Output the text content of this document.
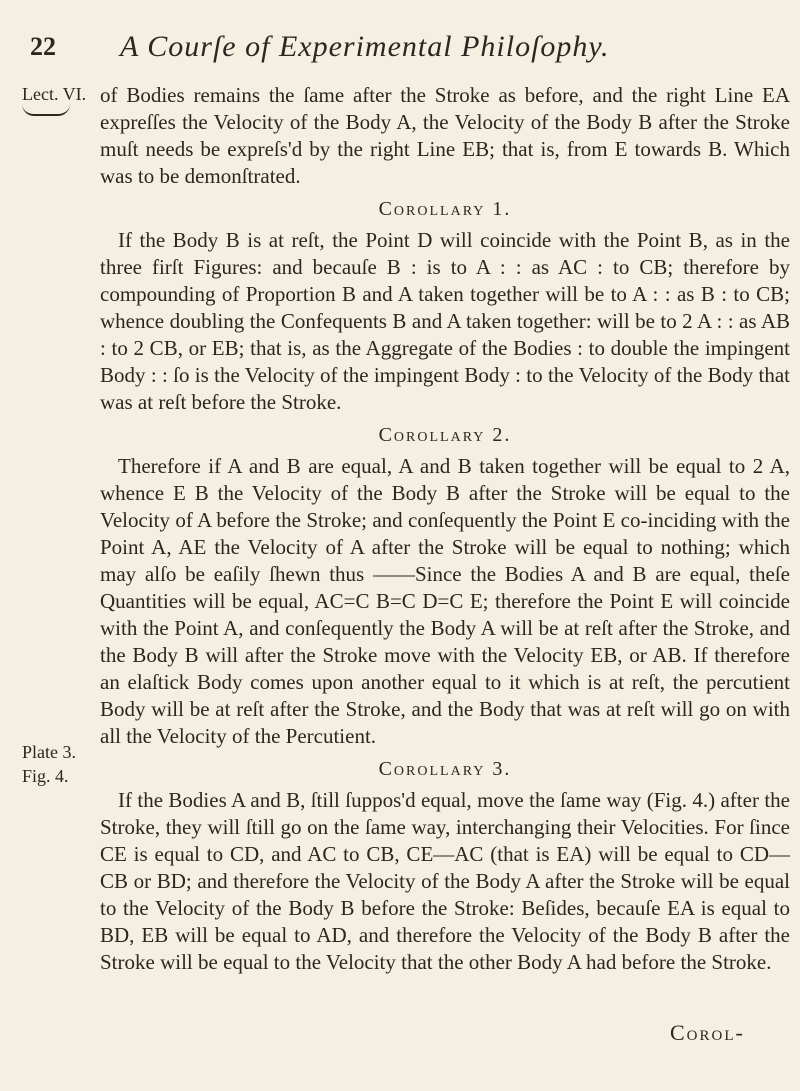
22 A Courſe of Experimental Philoſophy.
Lect. VI.
Plate 3.
Fig. 4.

of Bodies remains the ſame after the Stroke as before, and the right Line EA expreſſes the Velocity of the Body A, the Velocity of the Body B after the Stroke muſt needs be expreſs'd by the right Line EB; that is, from E towards B. Which was to be demonſtrated.

Corollary 1.

If the Body B is at reſt, the Point D will coincide with the Point B, as in the three firſt Figures: and becauſe B : is to A : : as AC : to CB; therefore by compounding of Proportion B and A taken together will be to A : : as B : to CB; whence doubling the Confequents B and A taken together: will be to 2 A : : as AB : to 2 CB, or EB; that is, as the Aggregate of the Bodies : to double the impingent Body : : ſo is the Velocity of the impingent Body : to the Velocity of the Body that was at reſt before the Stroke.

Corollary 2.

Therefore if A and B are equal, A and B taken together will be equal to 2 A, whence E B the Velocity of the Body B after the Stroke will be equal to the Velocity of A before the Stroke; and conſequently the Point E co-inciding with the Point A, AE the Velocity of A after the Stroke will be equal to nothing; which may alſo be eaſily ſhewn thus ——Since the Bodies A and B are equal, theſe Quantities will be equal, AC=C B=C D=C E; therefore the Point E will coincide with the Point A, and conſequently the Body A will be at reſt after the Stroke, and the Body B will after the Stroke move with the Velocity EB, or AB. If therefore an elaſtick Body comes upon another equal to it which is at reſt, the percutient Body will be at reſt after the Stroke, and the Body that was at reſt will go on with all the Velocity of the Percutient.

Corollary 3.

If the Bodies A and B, ſtill ſuppos'd equal, move the ſame way (Fig. 4.) after the Stroke, they will ſtill go on the ſame way, interchanging their Velocities. For ſince CE is equal to CD, and AC to CB, CE—AC (that is EA) will be equal to CD—CB or BD; and therefore the Velocity of the Body A after the Stroke will be equal to the Velocity of the Body B before the Stroke: Beſides, becauſe EA is equal to BD, EB will be equal to AD, and therefore the Velocity of the Body B after the Stroke will be equal to the Velocity that the other Body A had before the Stroke.

Corol-
